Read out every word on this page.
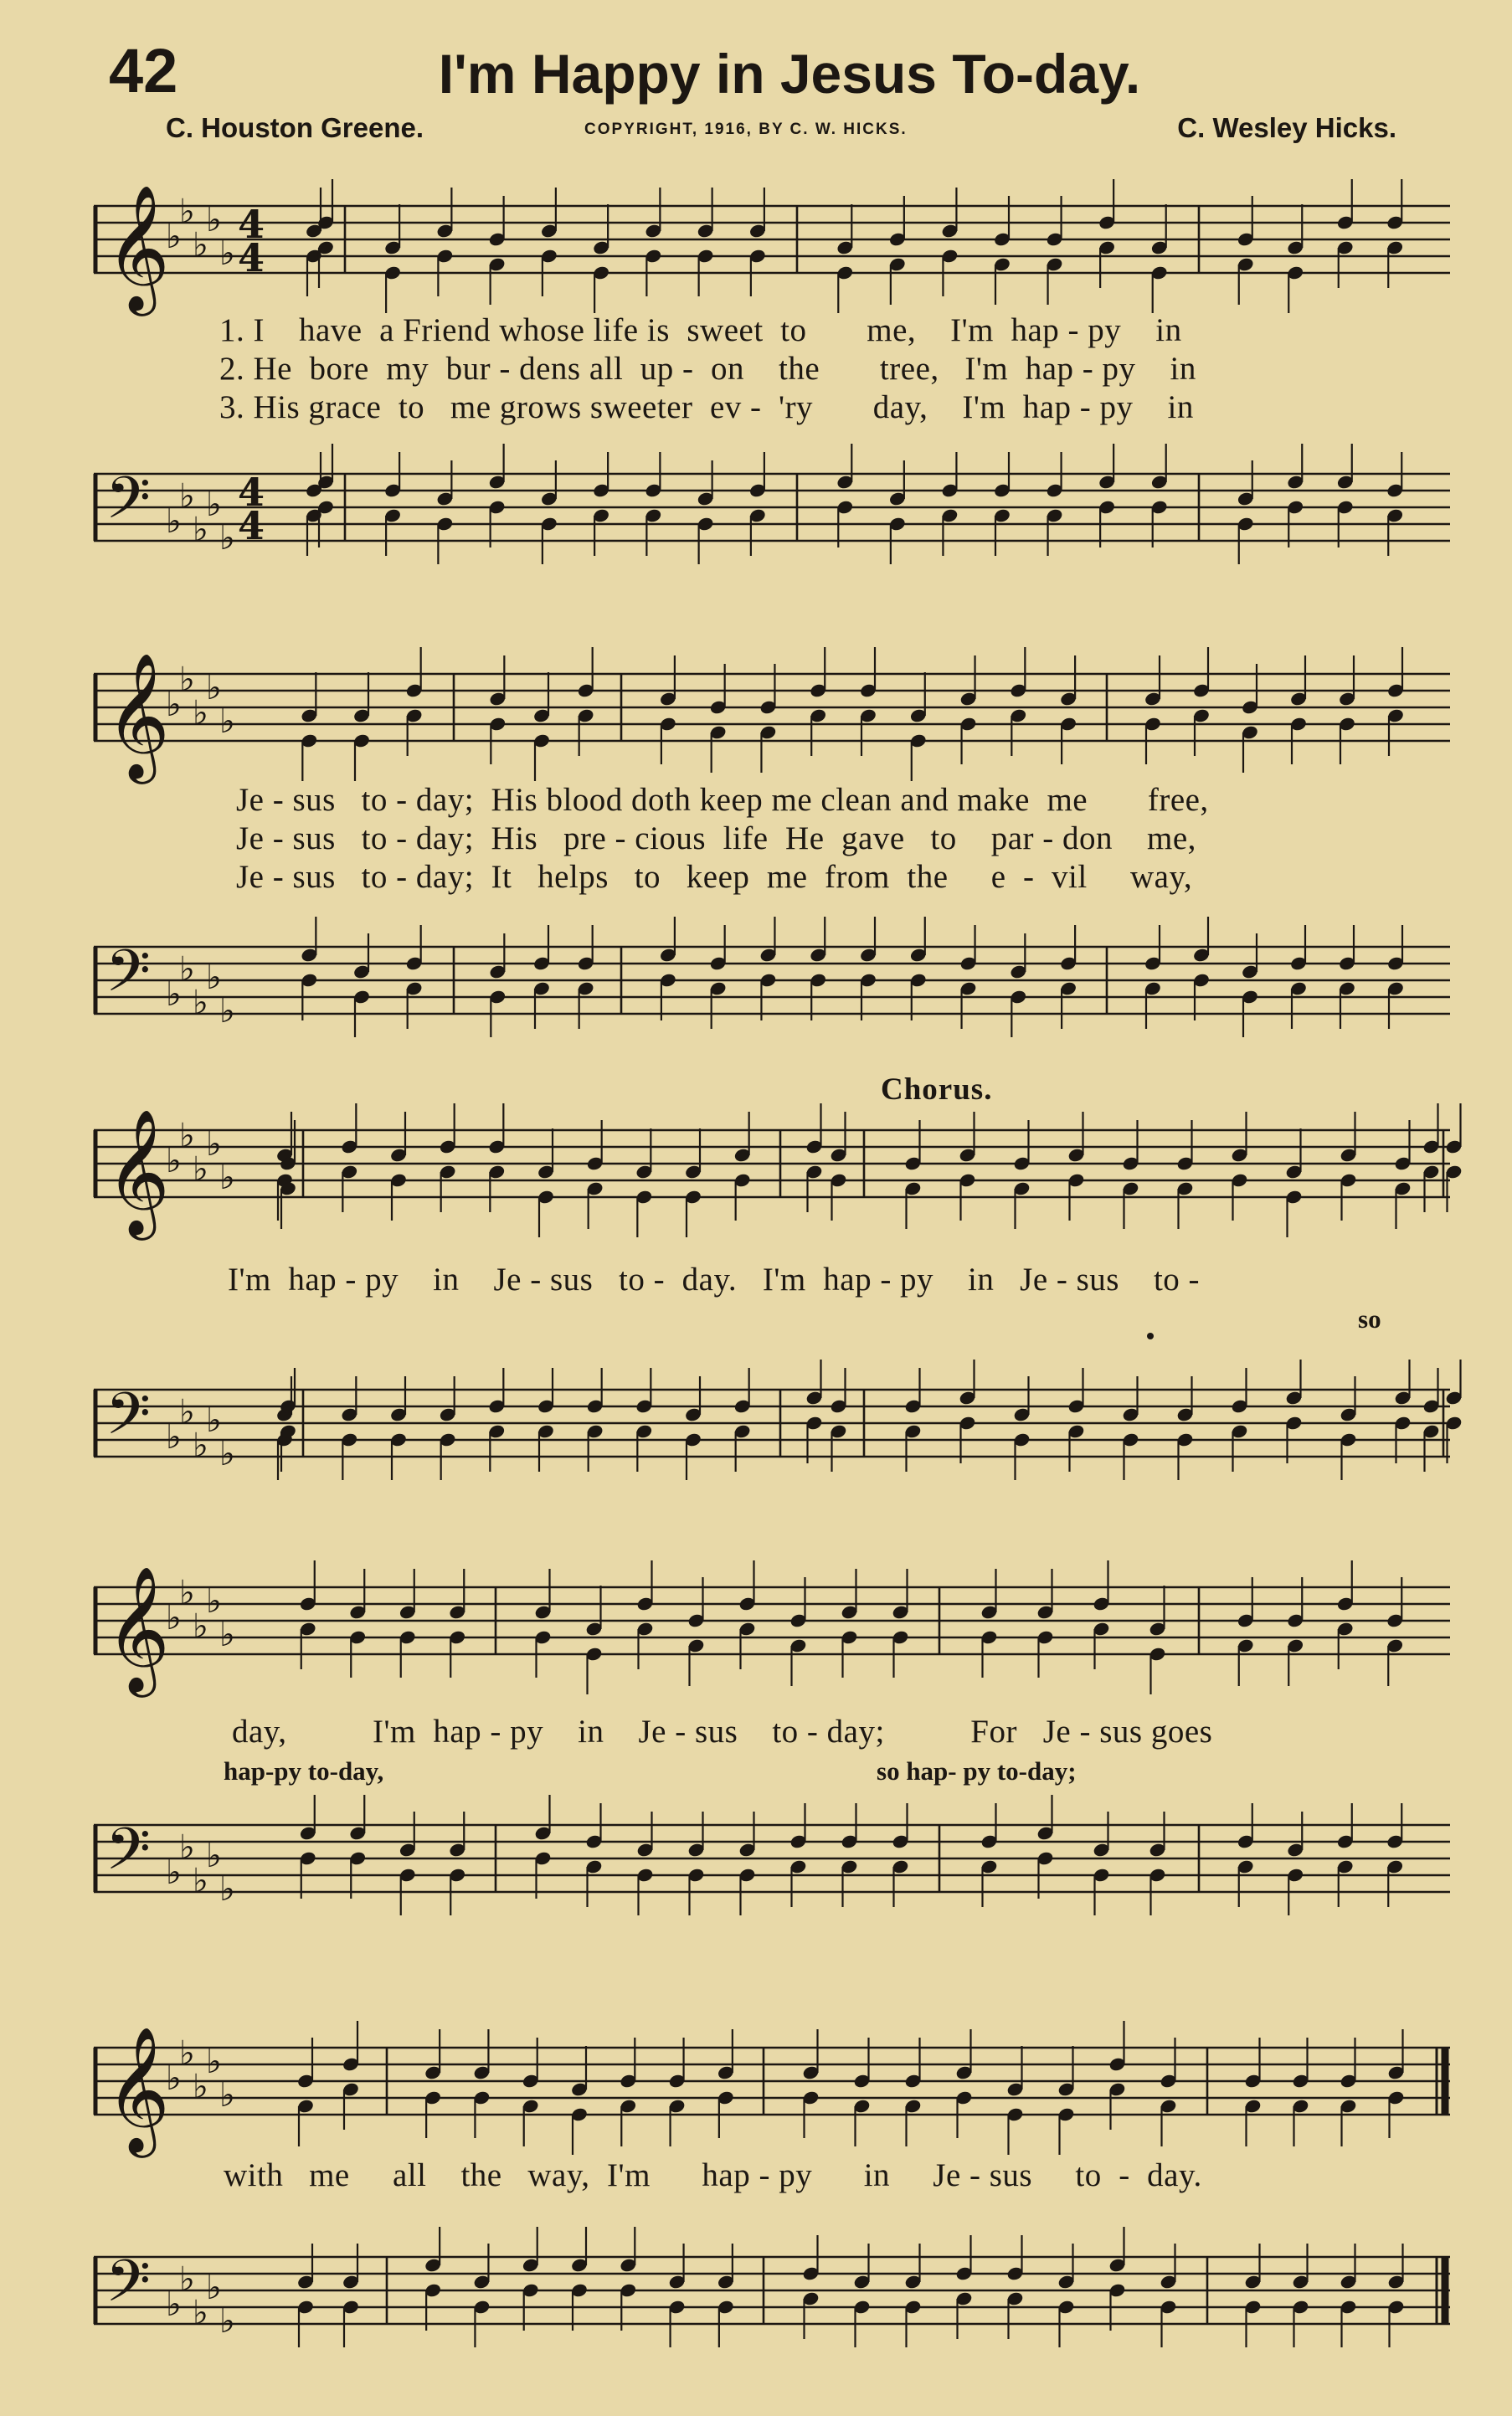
42	I'm Happy in Jesus To-day.
C. Houston Greene.	COPYRIGHT, 1916, BY C. W. HICKS.	C. Wesley Hicks.
𝄞
♭
♭
♭
♭
♭
4
4
1. I    have  a Friend whose life is  sweet  to       me,    I'm  hap - py    in
2. He  bore  my  bur - dens all  up -  on    the       tree,   I'm  hap - py    in
3. His grace  to   me grows sweeter  ev -  'ry       day,    I'm  hap - py    in
𝄢 ♭
♭
♭
♭
♭
4
4
𝄞
♭
♭
♭
♭
♭
Je - sus   to - day;  His blood doth keep me clean and make  me       free,
Je - sus   to - day;  His   pre - cious  life  He  gave   to    par - don    me,
Je - sus   to - day;  It   helps   to   keep  me  from  the     e  -  vil     way,
𝄢 ♭
♭
♭
♭
♭
Chorus.
𝄞
♭
♭
♭
♭
♭
I'm  hap - py    in    Je - sus   to -  day.   I'm  hap - py    in   Je - sus    to -
so
𝄢 ♭
♭
♭
♭
♭
𝄞
♭
♭
♭
♭
♭
day,          I'm  hap - py    in    Je - sus    to - day;          For   Je - sus goes
hap-py to-day,	so hap- py to-day;
𝄢 ♭
♭
♭
♭
♭
𝄞
♭
♭
♭
♭
♭
with   me     all    the   way,  I'm      hap - py      in     Je - sus     to  -  day.
𝄢 ♭
♭
♭
♭
♭
